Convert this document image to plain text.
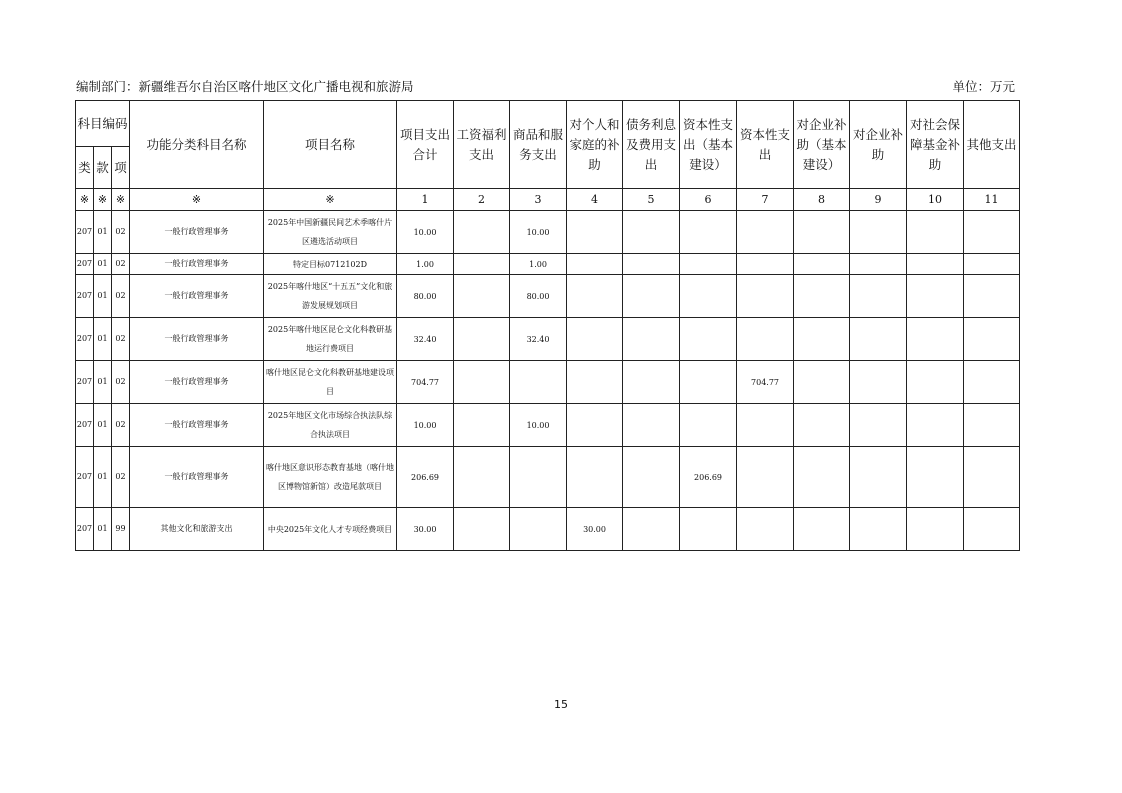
编制部门：新疆维吾尔自治区喀什地区文化广播电视和旅游局	单位：万元
科目编码			功能分类科目名称	项目名称	项目支出合计	工资福利支出	商品和服务支出	对个人和家庭的补助	债务利息及费用支出	资本性支出（基本建设）	资本性支出	对企业补助（基本建设）	对企业补助	对社会保障基金补助	其他支出
类	款	项													
※	※	※	※	※	1	2	3	4	5	6	7	8	9	10	11
207	01	02	一般行政管理事务	2025年中国新疆民间艺术季喀什片区遴选活动项目	10.00		10.00								
207	01	02	一般行政管理事务	特定目标0712102D	1.00		1.00								
207	01	02	一般行政管理事务	2025年喀什地区“十五五”文化和旅游发展规划项目	80.00		80.00								
207	01	02	一般行政管理事务	2025年喀什地区昆仑文化科教研基地运行费项目	32.40		32.40								
207	01	02	一般行政管理事务	喀什地区昆仑文化科教研基地建设项目	704.77						704.77				
207	01	02	一般行政管理事务	2025年地区文化市场综合执法队综合执法项目	10.00		10.00								
207	01	02	一般行政管理事务	喀什地区意识形态教育基地（喀什地区博物馆新馆）改造尾款项目	206.69					206.69					
207	01	99	其他文化和旅游支出	中央2025年文化人才专项经费项目	30.00			30.00							
15
